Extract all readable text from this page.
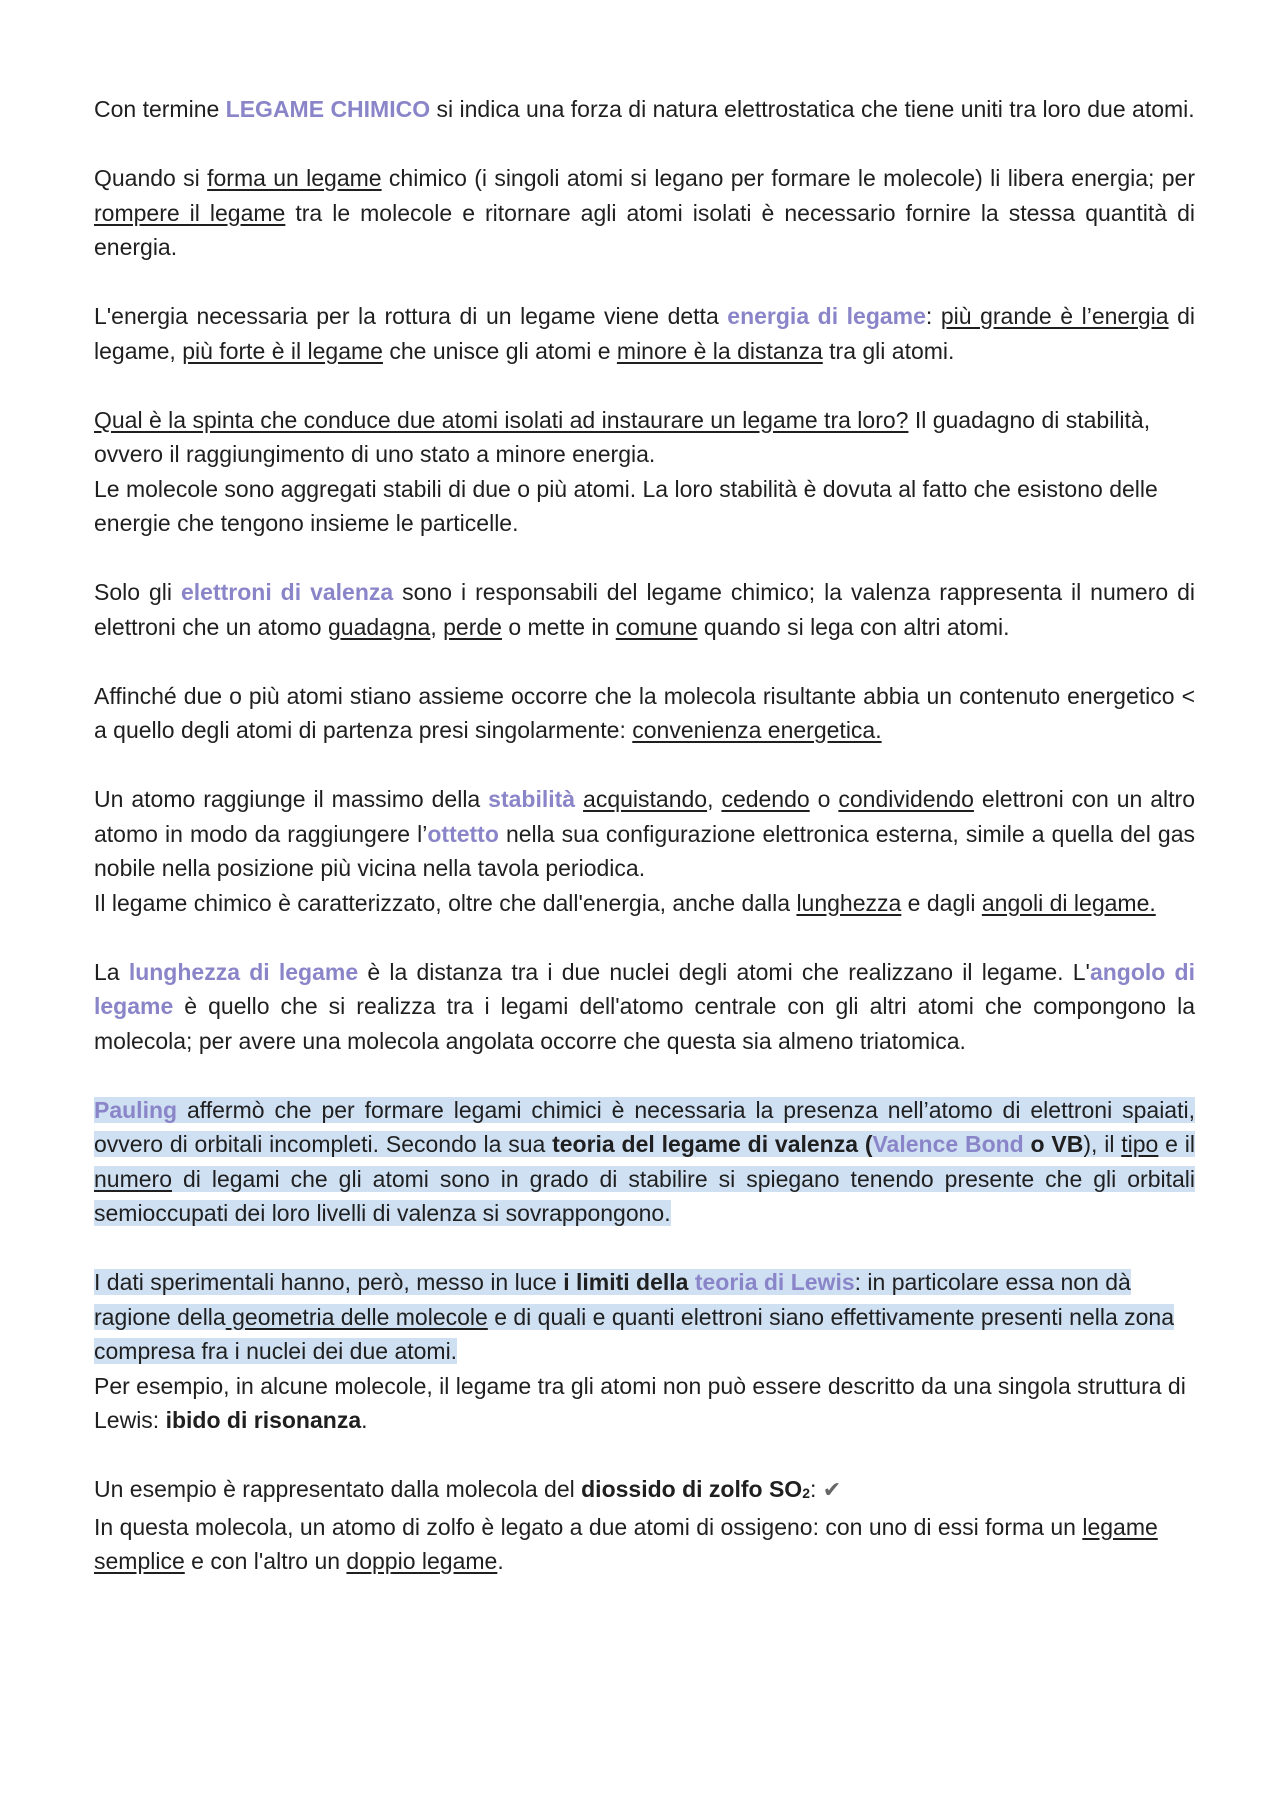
Con termine LEGAME CHIMICO si indica una forza di natura elettrostatica che tiene uniti tra loro due atomi.

Quando si forma un legame chimico (i singoli atomi si legano per formare le molecole) li libera energia; per rompere il legame tra le molecole e ritornare agli atomi isolati è necessario fornire la stessa quantità di energia.

L'energia necessaria per la rottura di un legame viene detta energia di legame: più grande è l’energia di legame, più forte è il legame che unisce gli atomi e minore è la distanza tra gli atomi.

Qual è la spinta che conduce due atomi isolati ad instaurare un legame tra loro? Il guadagno di stabilità, ovvero il raggiungimento di uno stato a minore energia.

Le molecole sono aggregati stabili di due o più atomi. La loro stabilità è dovuta al fatto che esistono delle energie che tengono insieme le particelle.

Solo gli elettroni di valenza sono i responsabili del legame chimico; la valenza rappresenta il numero di elettroni che un atomo guadagna, perde o mette in comune quando si lega con altri atomi.

Affinché due o più atomi stiano assieme occorre che la molecola risultante abbia un contenuto energetico < a quello degli atomi di partenza presi singolarmente: convenienza energetica.

Un atomo raggiunge il massimo della stabilità acquistando, cedendo o condividendo elettroni con un altro atomo in modo da raggiungere l’ottetto nella sua configurazione elettronica esterna, simile a quella del gas nobile nella posizione più vicina nella tavola periodica.

Il legame chimico è caratterizzato, oltre che dall'energia, anche dalla lunghezza e dagli angoli di legame.

La lunghezza di legame è la distanza tra i due nuclei degli atomi che realizzano il legame. L'angolo di legame è quello che si realizza tra i legami dell'atomo centrale con gli altri atomi che compongono la molecola; per avere una molecola angolata occorre che questa sia almeno triatomica.

Pauling affermò che per formare legami chimici è necessaria la presenza nell’atomo di elettroni spaiati, ovvero di orbitali incompleti. Secondo la sua teoria del legame di valenza (Valence Bond o VB), il tipo e il numero di legami che gli atomi sono in grado di stabilire si spiegano tenendo presente che gli orbitali semioccupati dei loro livelli di valenza si sovrappongono.

I dati sperimentali hanno, però, messo in luce i limiti della teoria di Lewis: in particolare essa non dà ragione della geometria delle molecole e di quali e quanti elettroni siano effettivamente presenti nella zona compresa fra i nuclei dei due atomi.

Per esempio, in alcune molecole, il legame tra gli atomi non può essere descritto da una singola struttura di Lewis: ibido di risonanza.

Un esempio è rappresentato dalla molecola del diossido di zolfo $SO_2$: ✔

In questa molecola, un atomo di zolfo è legato a due atomi di ossigeno: con uno di essi forma un legame semplice e con l'altro un doppio legame.
